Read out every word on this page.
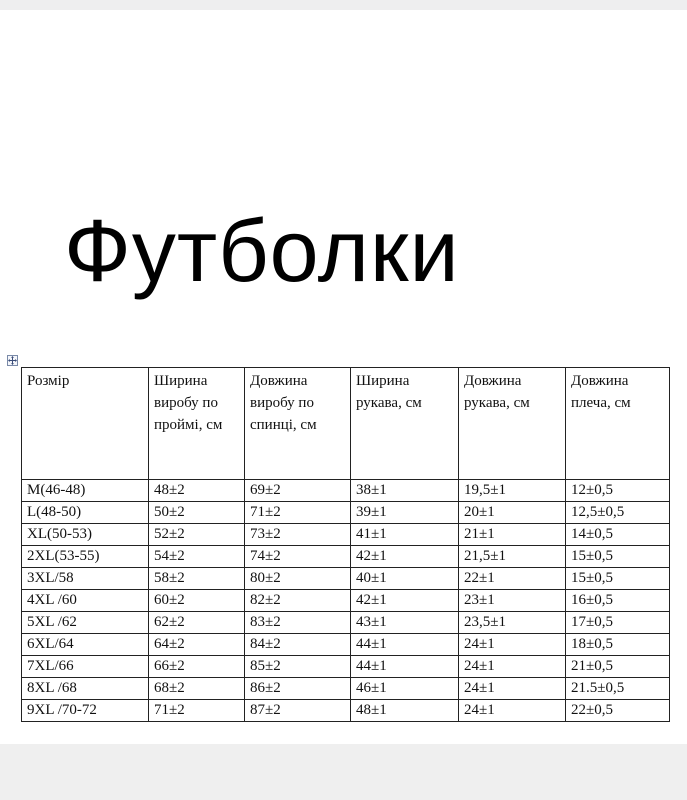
Футболки
Розмір	Ширина виробу по проймі, см	Довжина виробу по спинці, см	Ширина рукава, см	Довжина рукава, см	Довжина плеча, см
M(46-48)	48±2	69±2	38±1	19,5±1	12±0,5
L(48-50)	50±2	71±2	39±1	20±1	12,5±0,5
XL(50-53)	52±2	73±2	41±1	21±1	14±0,5
2XL(53-55)	54±2	74±2	42±1	21,5±1	15±0,5
3XL/58	58±2	80±2	40±1	22±1	15±0,5
4XL /60	60±2	82±2	42±1	23±1	16±0,5
5XL /62	62±2	83±2	43±1	23,5±1	17±0,5
6XL/64	64±2	84±2	44±1	24±1	18±0,5
7XL/66	66±2	85±2	44±1	24±1	21±0,5
8XL /68	68±2	86±2	46±1	24±1	21.5±0,5
9XL /70-72	71±2	87±2	48±1	24±1	22±0,5
